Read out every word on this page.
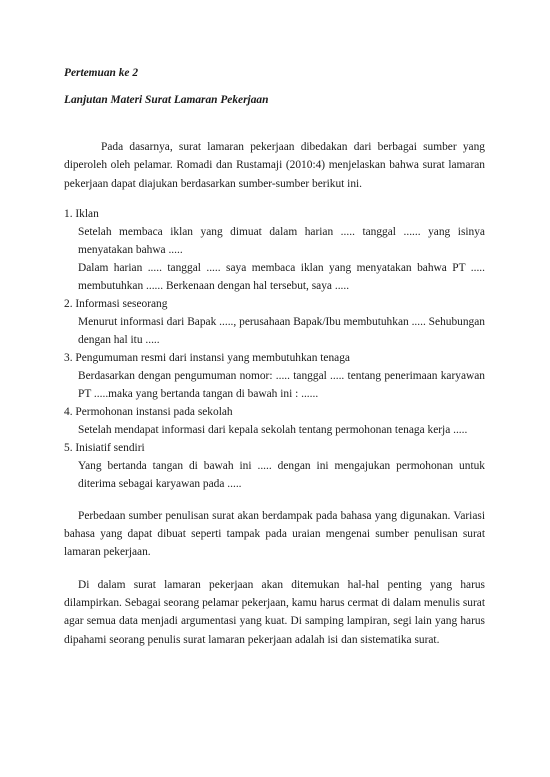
Pertemuan ke 2

Lanjutan Materi Surat Lamaran Pekerjaan

Pada dasarnya, surat lamaran pekerjaan dibedakan dari berbagai sumber yang diperoleh oleh pelamar. Romadi dan Rustamaji (2010:4) menjelaskan bahwa surat lamaran pekerjaan dapat diajukan berdasarkan sumber-sumber berikut ini.

1. Iklan
Setelah membaca iklan yang dimuat dalam harian ..... tanggal ...... yang isinya menyatakan bahwa .....
Dalam harian ..... tanggal ..... saya membaca iklan yang menyatakan bahwa PT ..... membutuhkan ...... Berkenaan dengan hal tersebut, saya .....
2. Informasi seseorang
Menurut informasi dari Bapak ....., perusahaan Bapak/Ibu membutuhkan ..... Sehubungan dengan hal itu .....
3. Pengumuman resmi dari instansi yang membutuhkan tenaga
Berdasarkan dengan pengumuman nomor: ..... tanggal ..... tentang penerimaan karyawan PT .....maka yang bertanda tangan di bawah ini : ......
4. Permohonan instansi pada sekolah
Setelah mendapat informasi dari kepala sekolah tentang permohonan tenaga kerja .....
5. Inisiatif sendiri
Yang bertanda tangan di bawah ini ..... dengan ini mengajukan permohonan untuk diterima sebagai karyawan pada .....

Perbedaan sumber penulisan surat akan berdampak pada bahasa yang digunakan. Variasi bahasa yang dapat dibuat seperti tampak pada uraian mengenai sumber penulisan surat lamaran pekerjaan.

Di dalam surat lamaran pekerjaan akan ditemukan hal-hal penting yang harus dilampirkan. Sebagai seorang pelamar pekerjaan, kamu harus cermat di dalam menulis surat agar semua data menjadi argumentasi yang kuat. Di samping lampiran, segi lain yang harus dipahami seorang penulis surat lamaran pekerjaan adalah isi dan sistematika surat.
